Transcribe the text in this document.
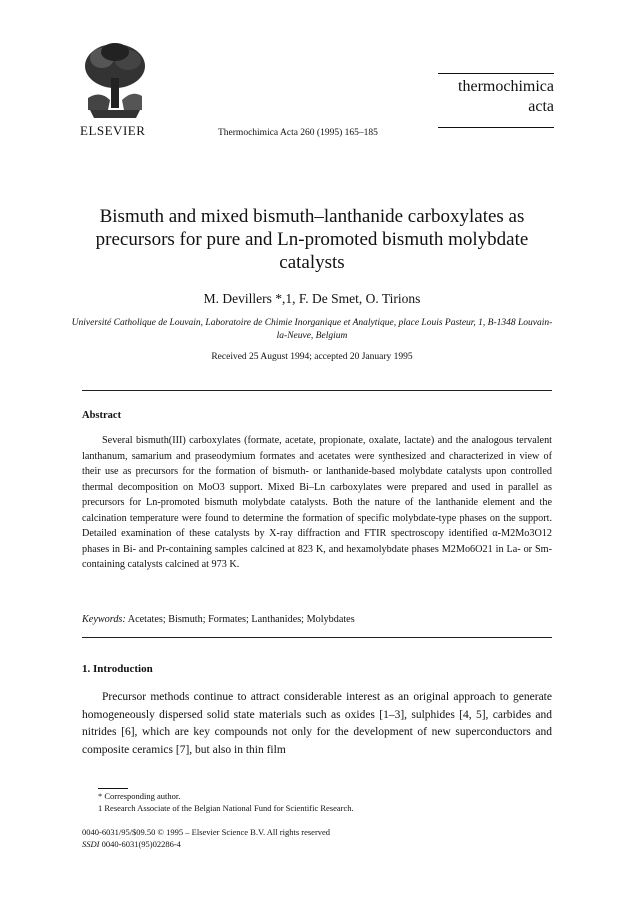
ELSEVIER	Thermochimica Acta 260 (1995) 165–185
thermochimica
acta
Bismuth and mixed bismuth–lanthanide carboxylates as precursors for pure and Ln-promoted bismuth molybdate catalysts
M. Devillers *,1, F. De Smet, O. Tirions
Université Catholique de Louvain, Laboratoire de Chimie Inorganique et Analytique, place Louis Pasteur, 1, B-1348 Louvain-la-Neuve, Belgium
Received 25 August 1994; accepted 20 January 1995
Abstract
Several bismuth(III) carboxylates (formate, acetate, propionate, oxalate, lactate) and the analogous tervalent lanthanum, samarium and praseodymium formates and acetates were synthesized and characterized in view of their use as precursors for the formation of bismuth- or lanthanide-based molybdate catalysts upon controlled thermal decomposition on MoO3 support. Mixed Bi–Ln carboxylates were prepared and used in parallel as precursors for Ln-promoted bismuth molybdate catalysts. Both the nature of the lanthanide element and the calcination temperature were found to determine the formation of specific molybdate-type phases on the support. Detailed examination of these catalysts by X-ray diffraction and FTIR spectroscopy identified α-M2Mo3O12 phases in Bi- and Pr-containing samples calcined at 823 K, and hexamolybdate phases M2Mo6O21 in La- or Sm-containing catalysts calcined at 973 K.
Keywords: Acetates; Bismuth; Formates; Lanthanides; Molybdates
1. Introduction
Precursor methods continue to attract considerable interest as an original approach to generate homogeneously dispersed solid state materials such as oxides [1–3], sulphides [4, 5], carbides and nitrides [6], which are key compounds not only for the development of new superconductors and composite ceramics [7], but also in thin film
* Corresponding author.
1 Research Associate of the Belgian National Fund for Scientific Research.
0040-6031/95/$09.50 © 1995 – Elsevier Science B.V. All rights reserved
SSDI 0040-6031(95)02286-4
